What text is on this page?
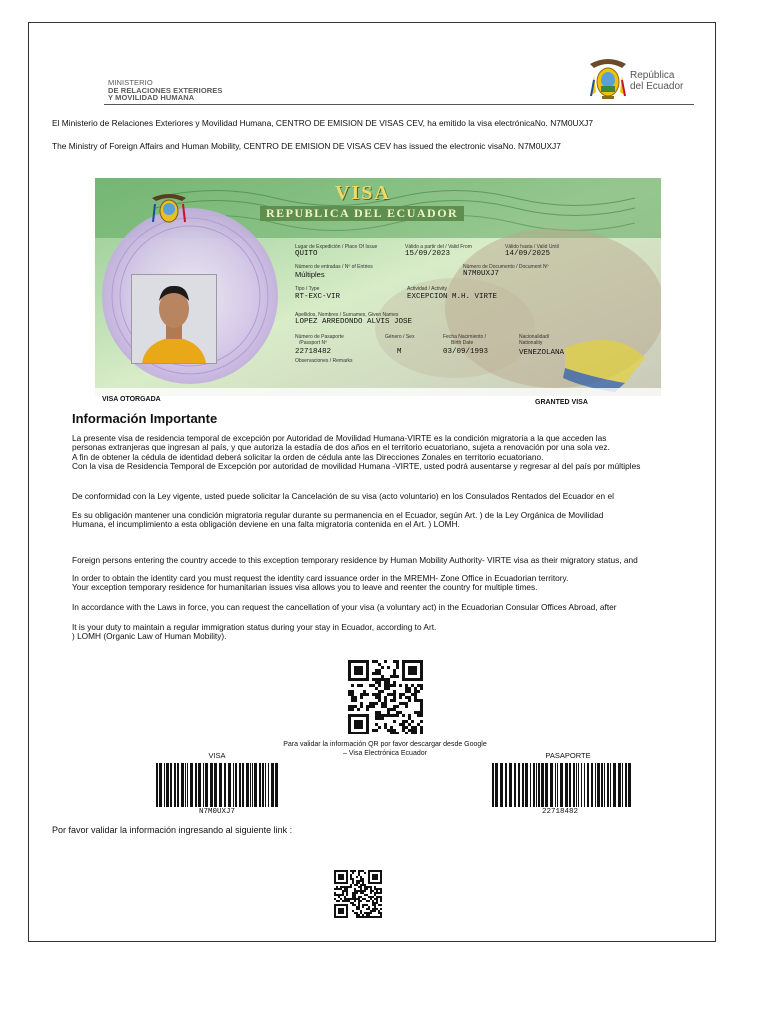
MINISTERIO
DE RELACIONES EXTERIORES
Y MOVILIDAD HUMANA
República
del Ecuador
El Ministerio de Relaciones Exteriores y Movilidad Humana, CENTRO DE EMISION DE VISAS CEV, ha emitido la visa electrónicaNo. N7M0UXJ7
The Ministry of Foreign Affairs and Human Mobility, CENTRO DE EMISION DE VISAS CEV has issued the electronic visaNo. N7M0UXJ7
VISA
REPUBLICA DEL ECUADOR
Lugar de Expedición / Place Of Issue
QUITO
Válido a partir del / Valid From
15/09/2023
Válido hasta / Valid Until
14/09/2025
Número de entradas / Nº of Entries
Múltiples
Número de Documento / Document Nº
N7M0UXJ7
Tipo / Type
RT-EXC-VIR
Actividad / Activity
EXCEPCION M.H. VIRTE
Apellidos, Nombres / Surnames, Given Names
LOPEZ ARREDONDO ALVIS JOSE
Número de Pasaporte
/Passport Nº
22718482
Género / Sex
M
Fecha Nacimiento /
Birth Date
03/09/1993
Nacionalidad/
Nationality
VENEZOLANA
Observaciones / Remarks
VISA OTORGADA	GRANTED VISA
Información Importante
La presente visa de residencia temporal de excepción por Autoridad de Movilidad Humana-VIRTE es la condición migratoria a la que acceden las
personas extranjeras que ingresan al país, y que autoriza la estadía de dos años en el territorio ecuatoriano, sujeta a renovación por una sola vez.
A fin de obtener la cédula de identidad deberá solicitar la orden de cédula ante las Direcciones Zonales en territorio ecuatoriano.
Con la visa de Residencia Temporal de Excepción por autoridad de movilidad Humana -VIRTE, usted podrá ausentarse y regresar al del país por múltiples
De conformidad con la Ley vigente, usted puede solicitar la Cancelación de su visa (acto voluntario) en los Consulados Rentados del Ecuador en el
Es su obligación mantener una condición migratoria regular durante su permanencia en el Ecuador, según Art. ) de la Ley Orgánica de Movilidad
Humana, el incumplimiento a esta obligación deviene en una falta migratoria contenida en el Art. ) LOMH.
Foreign persons entering the country accede to this exception temporary residence by Human Mobility Authority- VIRTE visa as their migratory status, and
In order to obtain the identity card you must request the identity card issuance order in the MREMH- Zone Office in Ecuadorian territory.
Your exception temporary residence for humanitarian issues visa allows you to leave and reenter the country for multiple times.
In accordance with the Laws in force, you can request the cancellation of your visa (a voluntary act) in the Ecuadorian Consular Offices Abroad, after
It is your duty to maintain a regular immigration status during your stay in Ecuador, according to Art.
) LOMH (Organic Law of Human Mobility).
Para validar la información QR por favor descargar desde Google
– Visa Electrónica Ecuador
VISA
N7M0UXJ7
PASAPORTE
22718482
Por favor validar la información ingresando al siguiente link :
